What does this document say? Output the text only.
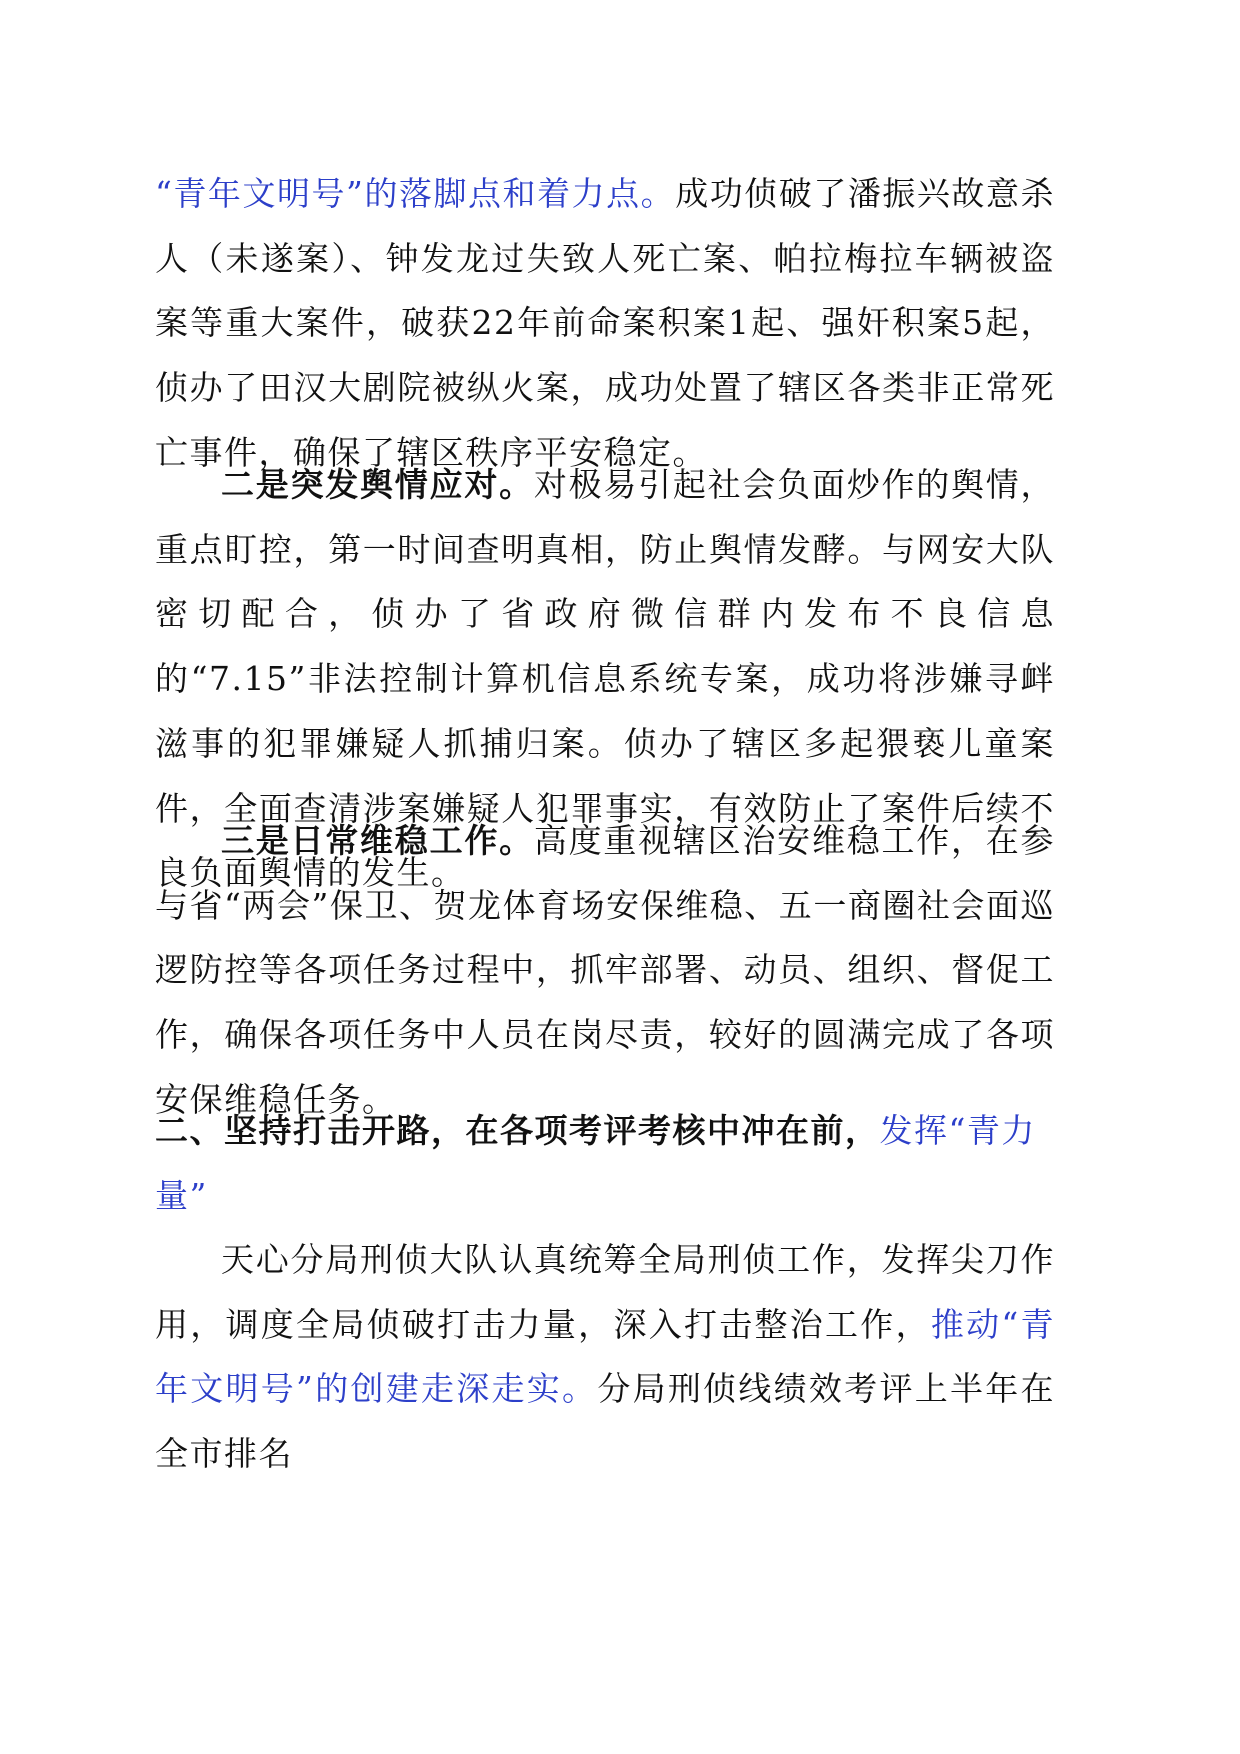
“青年文明号”的落脚点和着力点。成功侦破了潘振兴故意杀人（未遂案）、钟发龙过失致人死亡案、帕拉梅拉车辆被盗案等重大案件，破获22年前命案积案1起、强奸积案5起，侦办了田汉大剧院被纵火案，成功处置了辖区各类非正常死亡事件，确保了辖区秩序平安稳定。

二是突发舆情应对。对极易引起社会负面炒作的舆情，重点盯控，第一时间查明真相，防止舆情发酵。与网安大队密切配合，侦办了省政府微信群内发布不良信息的“7.15”非法控制计算机信息系统专案，成功将涉嫌寻衅滋事的犯罪嫌疑人抓捕归案。侦办了辖区多起猥亵儿童案件，全面查清涉案嫌疑人犯罪事实，有效防止了案件后续不良负面舆情的发生。

三是日常维稳工作。高度重视辖区治安维稳工作，在参与省“两会”保卫、贺龙体育场安保维稳、五一商圈社会面巡逻防控等各项任务过程中，抓牢部署、动员、组织、督促工作，确保各项任务中人员在岗尽责，较好的圆满完成了各项安保维稳任务。

二、坚持打击开路，在各项考评考核中冲在前，发挥“青力量”

天心分局刑侦大队认真统筹全局刑侦工作，发挥尖刀作用，调度全局侦破打击力量，深入打击整治工作，推动“青年文明号”的创建走深走实。分局刑侦线绩效考评上半年在全市排名
